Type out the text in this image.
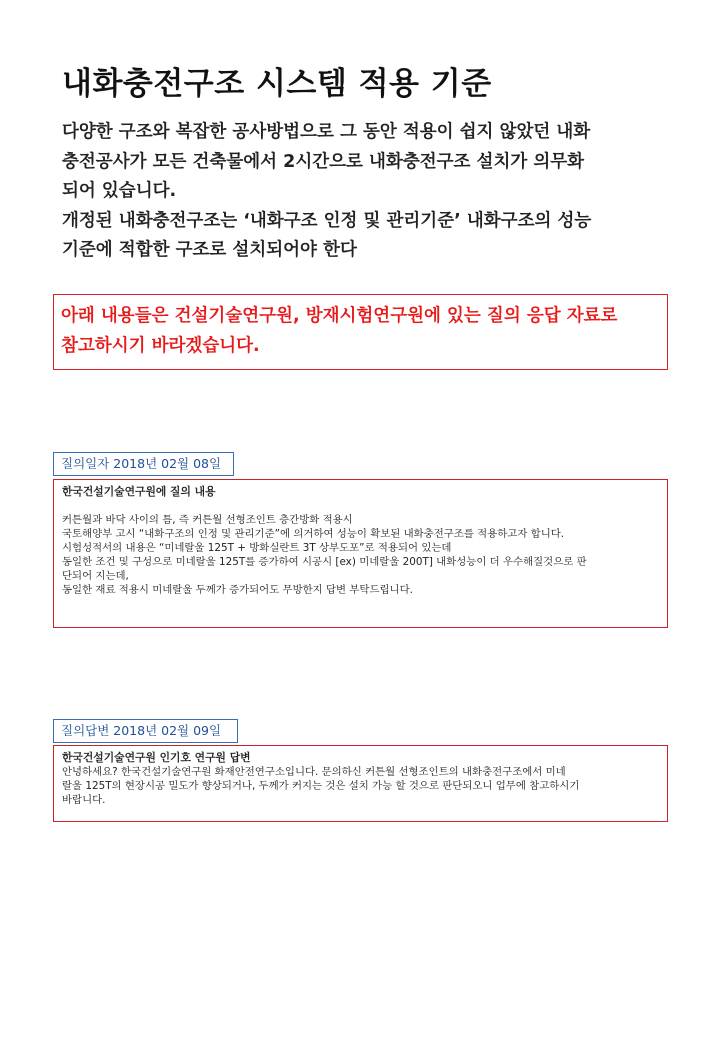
내화충전구조 시스템 적용 기준

다양한 구조와 복잡한 공사방법으로 그 동안 적용이 쉽지 않았던 내화

충전공사가 모든 건축물에서 2시간으로 내화충전구조 설치가 의무화

되어 있습니다.

개정된 내화충전구조는 ‘내화구조 인정 및 관리기준’ 내화구조의 성능

기준에 적합한 구조로 설치되어야 한다

아래 내용들은 건설기술연구원, 방재시험연구원에 있는 질의 응답 자료로

참고하시기 바라겠습니다.

질의일자 2018년 02월 08일

한국건설기술연구원에 질의 내용

커튼월과 바닥 사이의 틈, 즉 커튼월 선형조인트 층간방화 적용시

국토해양부 고시 “내화구조의 인정 및 관리기준”에 의거하여 성능이 확보된 내화충전구조를 적용하고자 합니다.

시험성적서의 내용은 “미네랄울 125T + 방화실란트 3T 상부도포”로 적용되어 있는데

동일한 조건 및 구성으로 미네랄울 125T를 증가하여 시공시 [ex) 미네랄울 200T] 내화성능이 더 우수해질것으로 판

단되어 지는데,

동일한 재료 적용시 미네랄울 두께가 증가되어도 무방한지 답변 부탁드립니다.

질의답변 2018년 02월 09일

한국건설기술연구원 인기호 연구원 답변

안녕하세요? 한국건설기술연구원 화재안전연구소입니다. 문의하신 커튼월 선형조인트의 내화충전구조에서 미네

랄울 125T의 현장시공 밀도가 향상되거나, 두께가 커지는 것은 설치 가능 할 것으로 판단되오니 업무에 참고하시기

바랍니다.
